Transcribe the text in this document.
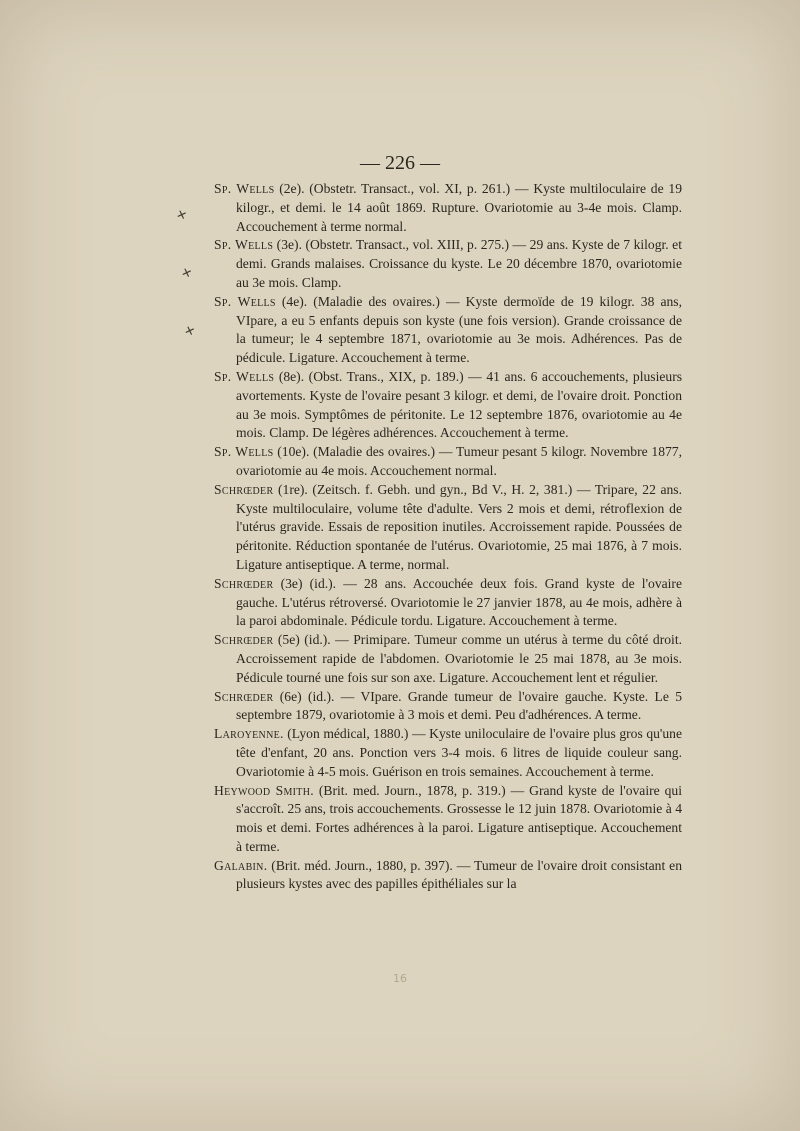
— 226 —
+
+
+

Sp. Wells (2e). (Obstetr. Transact., vol. XI, p. 261.) — Kyste multiloculaire de 19 kilogr., et demi. le 14 août 1869. Rupture. Ovariotomie au 3-4e mois. Clamp. Accouchement à terme normal.

Sp. Wells (3e). (Obstetr. Transact., vol. XIII, p. 275.) — 29 ans. Kyste de 7 kilogr. et demi. Grands malaises. Croissance du kyste. Le 20 décembre 1870, ovariotomie au 3e mois. Clamp.

Sp. Wells (4e). (Maladie des ovaires.) — Kyste dermoïde de 19 kilogr. 38 ans, VIpare, a eu 5 enfants depuis son kyste (une fois version). Grande croissance de la tumeur; le 4 septembre 1871, ovariotomie au 3e mois. Adhérences. Pas de pédicule. Ligature. Accouchement à terme.

Sp. Wells (8e). (Obst. Trans., XIX, p. 189.) — 41 ans. 6 accouchements, plusieurs avortements. Kyste de l'ovaire pesant 3 kilogr. et demi, de l'ovaire droit. Ponction au 3e mois. Symptômes de péritonite. Le 12 septembre 1876, ovariotomie au 4e mois. Clamp. De légères adhérences. Accouchement à terme.

Sp. Wells (10e). (Maladie des ovaires.) — Tumeur pesant 5 kilogr. Novembre 1877, ovariotomie au 4e mois. Accouchement normal.

Schrœder (1re). (Zeitsch. f. Gebh. und gyn., Bd V., H. 2, 381.) — Tripare, 22 ans. Kyste multiloculaire, volume tête d'adulte. Vers 2 mois et demi, rétroflexion de l'utérus gravide. Essais de reposition inutiles. Accroissement rapide. Poussées de péritonite. Réduction spontanée de l'utérus. Ovariotomie, 25 mai 1876, à 7 mois. Ligature antiseptique. A terme, normal.

Schrœder (3e) (id.). — 28 ans. Accouchée deux fois. Grand kyste de l'ovaire gauche. L'utérus rétroversé. Ovariotomie le 27 janvier 1878, au 4e mois, adhère à la paroi abdominale. Pédicule tordu. Ligature. Accouchement à terme.

Schrœder (5e) (id.). — Primipare. Tumeur comme un utérus à terme du côté droit. Accroissement rapide de l'abdomen. Ovariotomie le 25 mai 1878, au 3e mois. Pédicule tourné une fois sur son axe. Ligature. Accouchement lent et régulier.

Schrœder (6e) (id.). — VIpare. Grande tumeur de l'ovaire gauche. Kyste. Le 5 septembre 1879, ovariotomie à 3 mois et demi. Peu d'adhérences. A terme.

Laroyenne. (Lyon médical, 1880.) — Kyste uniloculaire de l'ovaire plus gros qu'une tête d'enfant, 20 ans. Ponction vers 3-4 mois. 6 litres de liquide couleur sang. Ovariotomie à 4-5 mois. Guérison en trois semaines. Accouchement à terme.

Heywood Smith. (Brit. med. Journ., 1878, p. 319.) — Grand kyste de l'ovaire qui s'accroît. 25 ans, trois accouchements. Grossesse le 12 juin 1878. Ovariotomie à 4 mois et demi. Fortes adhérences à la paroi. Ligature antiseptique. Accouchement à terme.

Galabin. (Brit. méd. Journ., 1880, p. 397). — Tumeur de l'ovaire droit consistant en plusieurs kystes avec des papilles épithéliales sur la

16
